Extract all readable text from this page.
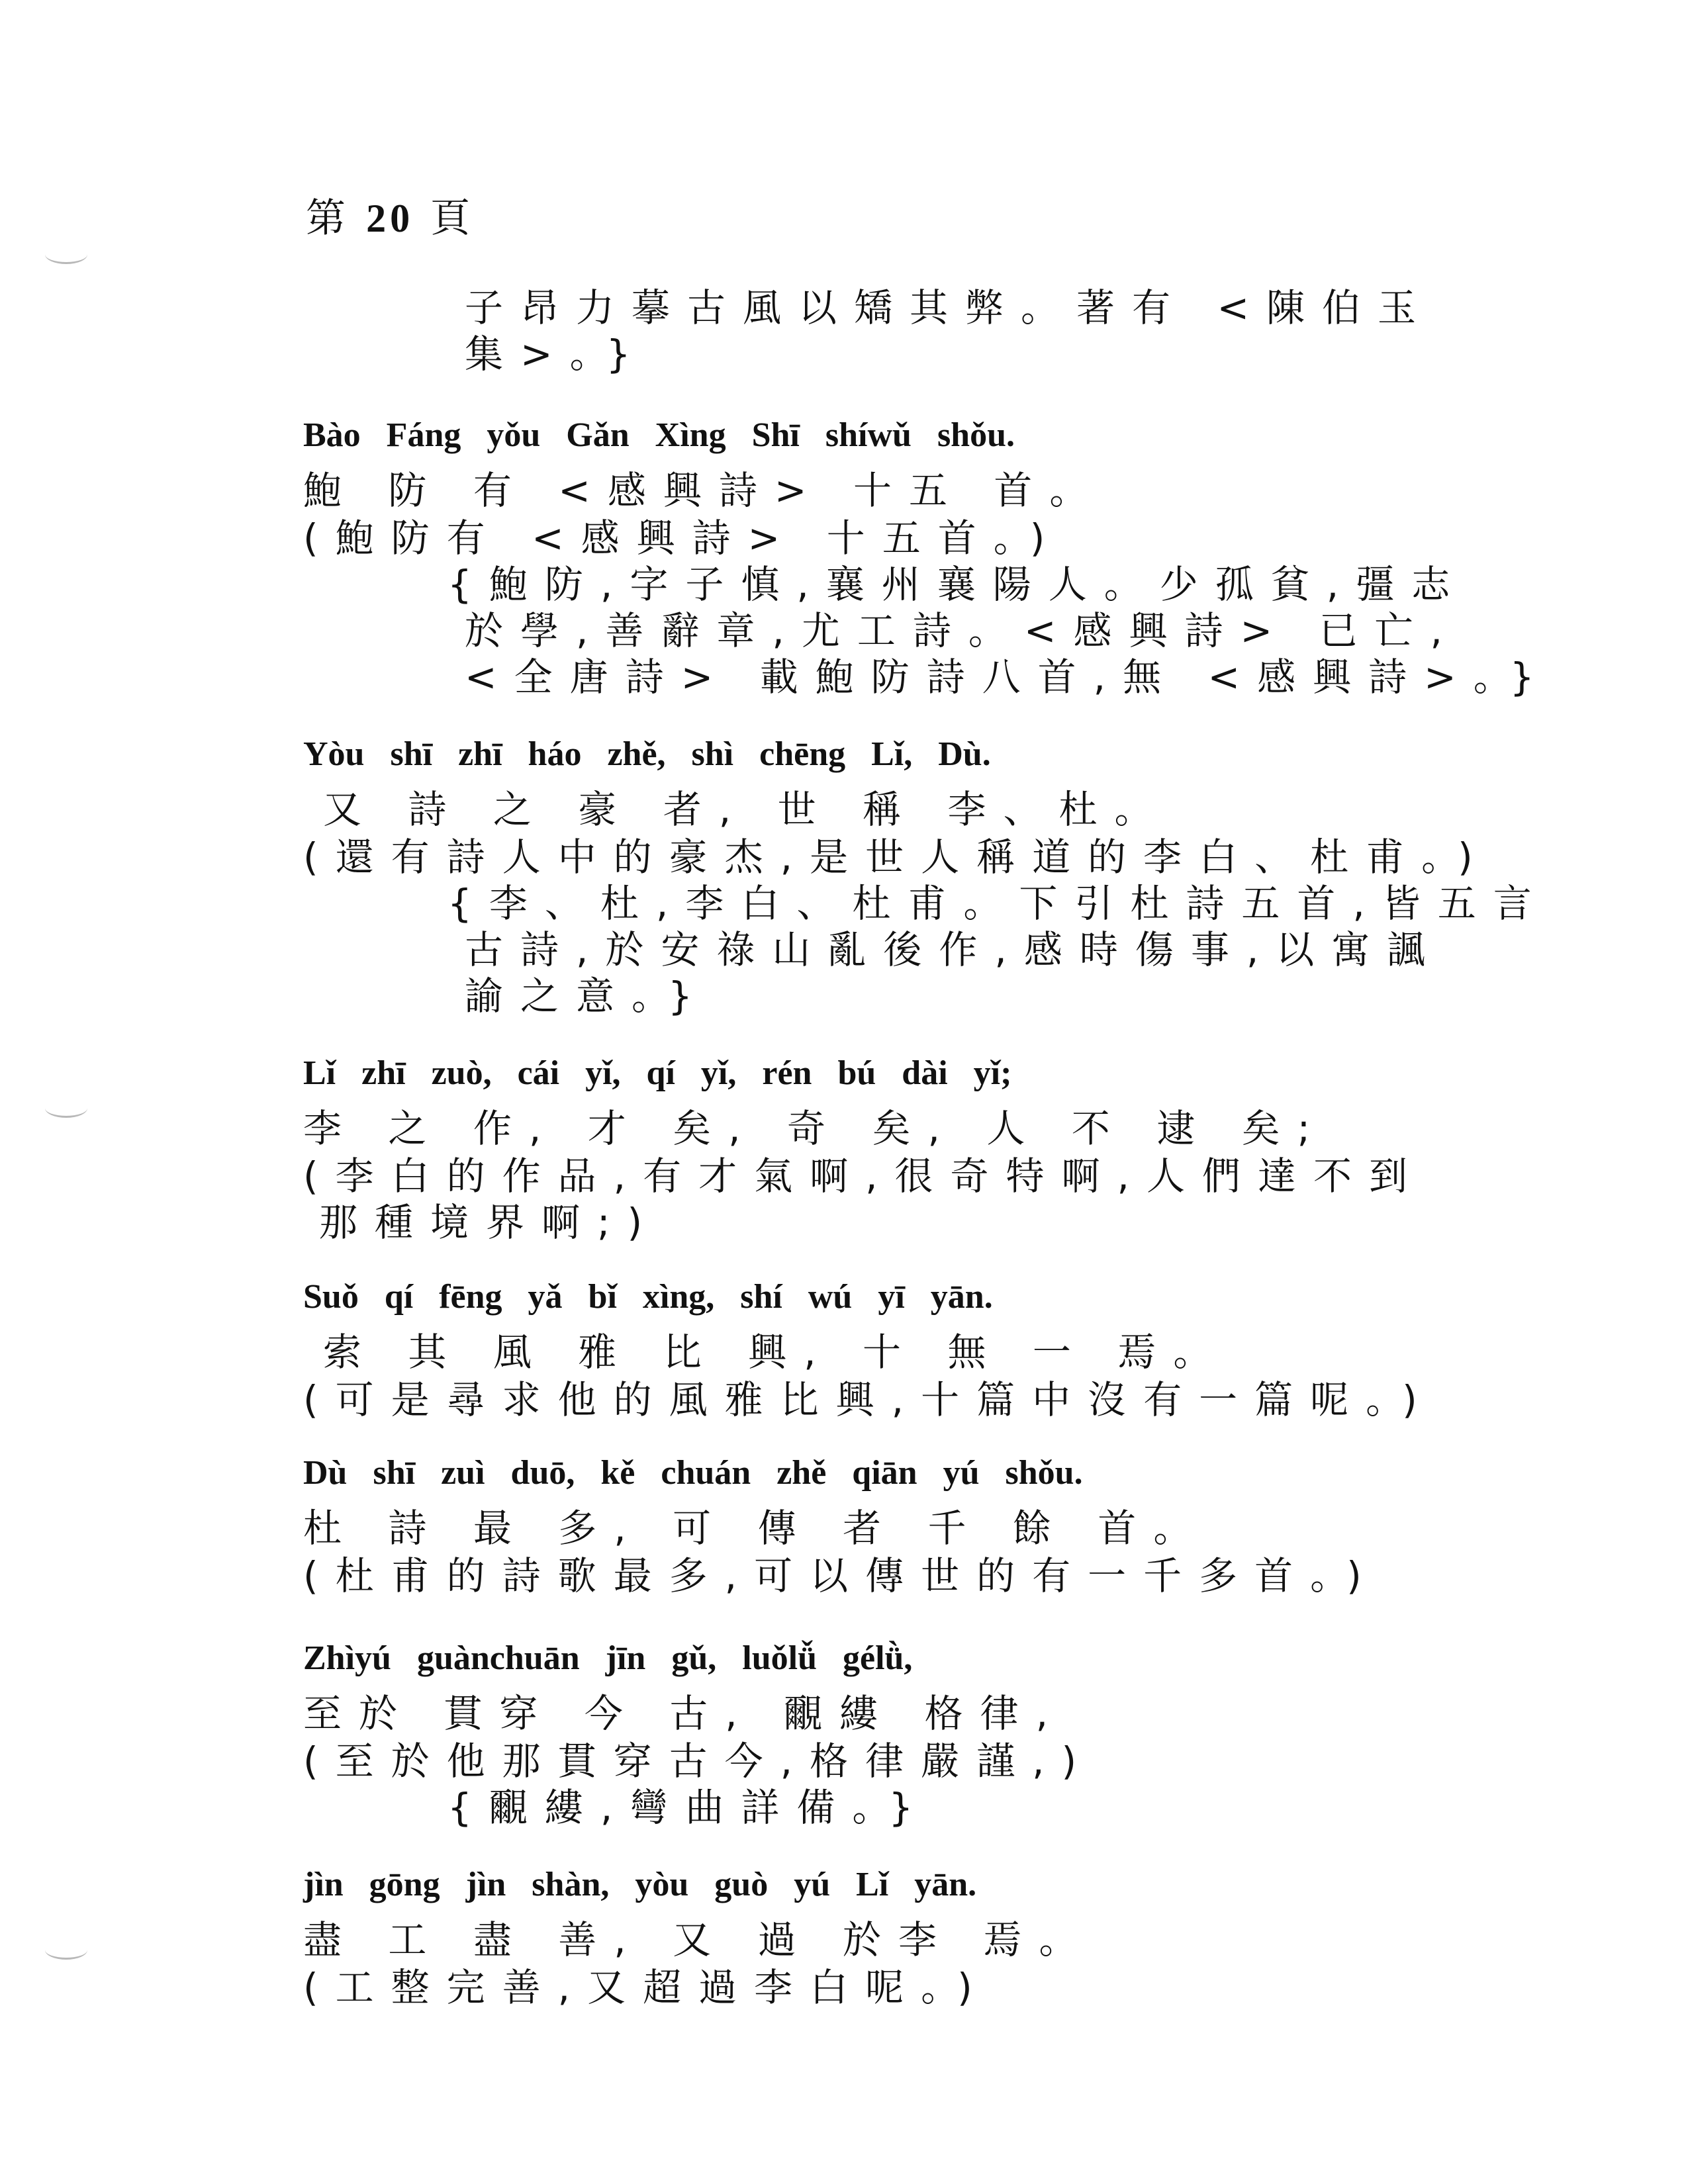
第 20 頁
子昂力摹古風以矯其弊。著有 <陳伯玉
集>。}
Bào Fáng yǒu Gǎn Xìng Shī shíwǔ shǒu.
鮑 防 有 <感興詩> 十五 首。
(鮑防有 <感興詩> 十五首。)
{鮑防,字子慎,襄州襄陽人。少孤貧,彊志
於學,善辭章,尤工詩。<感興詩> 已亡,
<全唐詩> 載鮑防詩八首,無 <感興詩>。}
Yòu shī zhī háo zhě, shì chēng Lǐ, Dù.
又 詩 之 豪 者, 世 稱 李、杜。
(還有詩人中的豪杰,是世人稱道的李白、杜甫。)
{李、杜,李白、杜甫。下引杜詩五首,皆五言
古詩,於安祿山亂後作,感時傷事,以寓諷
諭之意。}
Lǐ zhī zuò, cái yǐ, qí yǐ, rén bú dài yǐ;
李 之 作, 才 矣, 奇 矣, 人 不 逮 矣;
(李白的作品,有才氣啊,很奇特啊,人們達不到
那種境界啊;)
Suǒ qí fēng yǎ bǐ xìng, shí wú yī yān.
索 其 風 雅 比 興, 十 無 一 焉。
(可是尋求他的風雅比興,十篇中沒有一篇呢。)
Dù shī zuì duō, kě chuán zhě qiān yú shǒu.
杜 詩 最 多, 可 傳 者 千 餘 首。
(杜甫的詩歌最多,可以傳世的有一千多首。)
Zhìyú guànchuān jīn gǔ, luǒlǚ gélǜ,
至於 貫穿 今 古, 覼縷 格律,
(至於他那貫穿古今,格律嚴謹,)
{覼縷,彎曲詳備。}
jìn gōng jìn shàn, yòu guò yú Lǐ yān.
盡 工 盡 善, 又 過 於李 焉。
(工整完善,又超過李白呢。)
